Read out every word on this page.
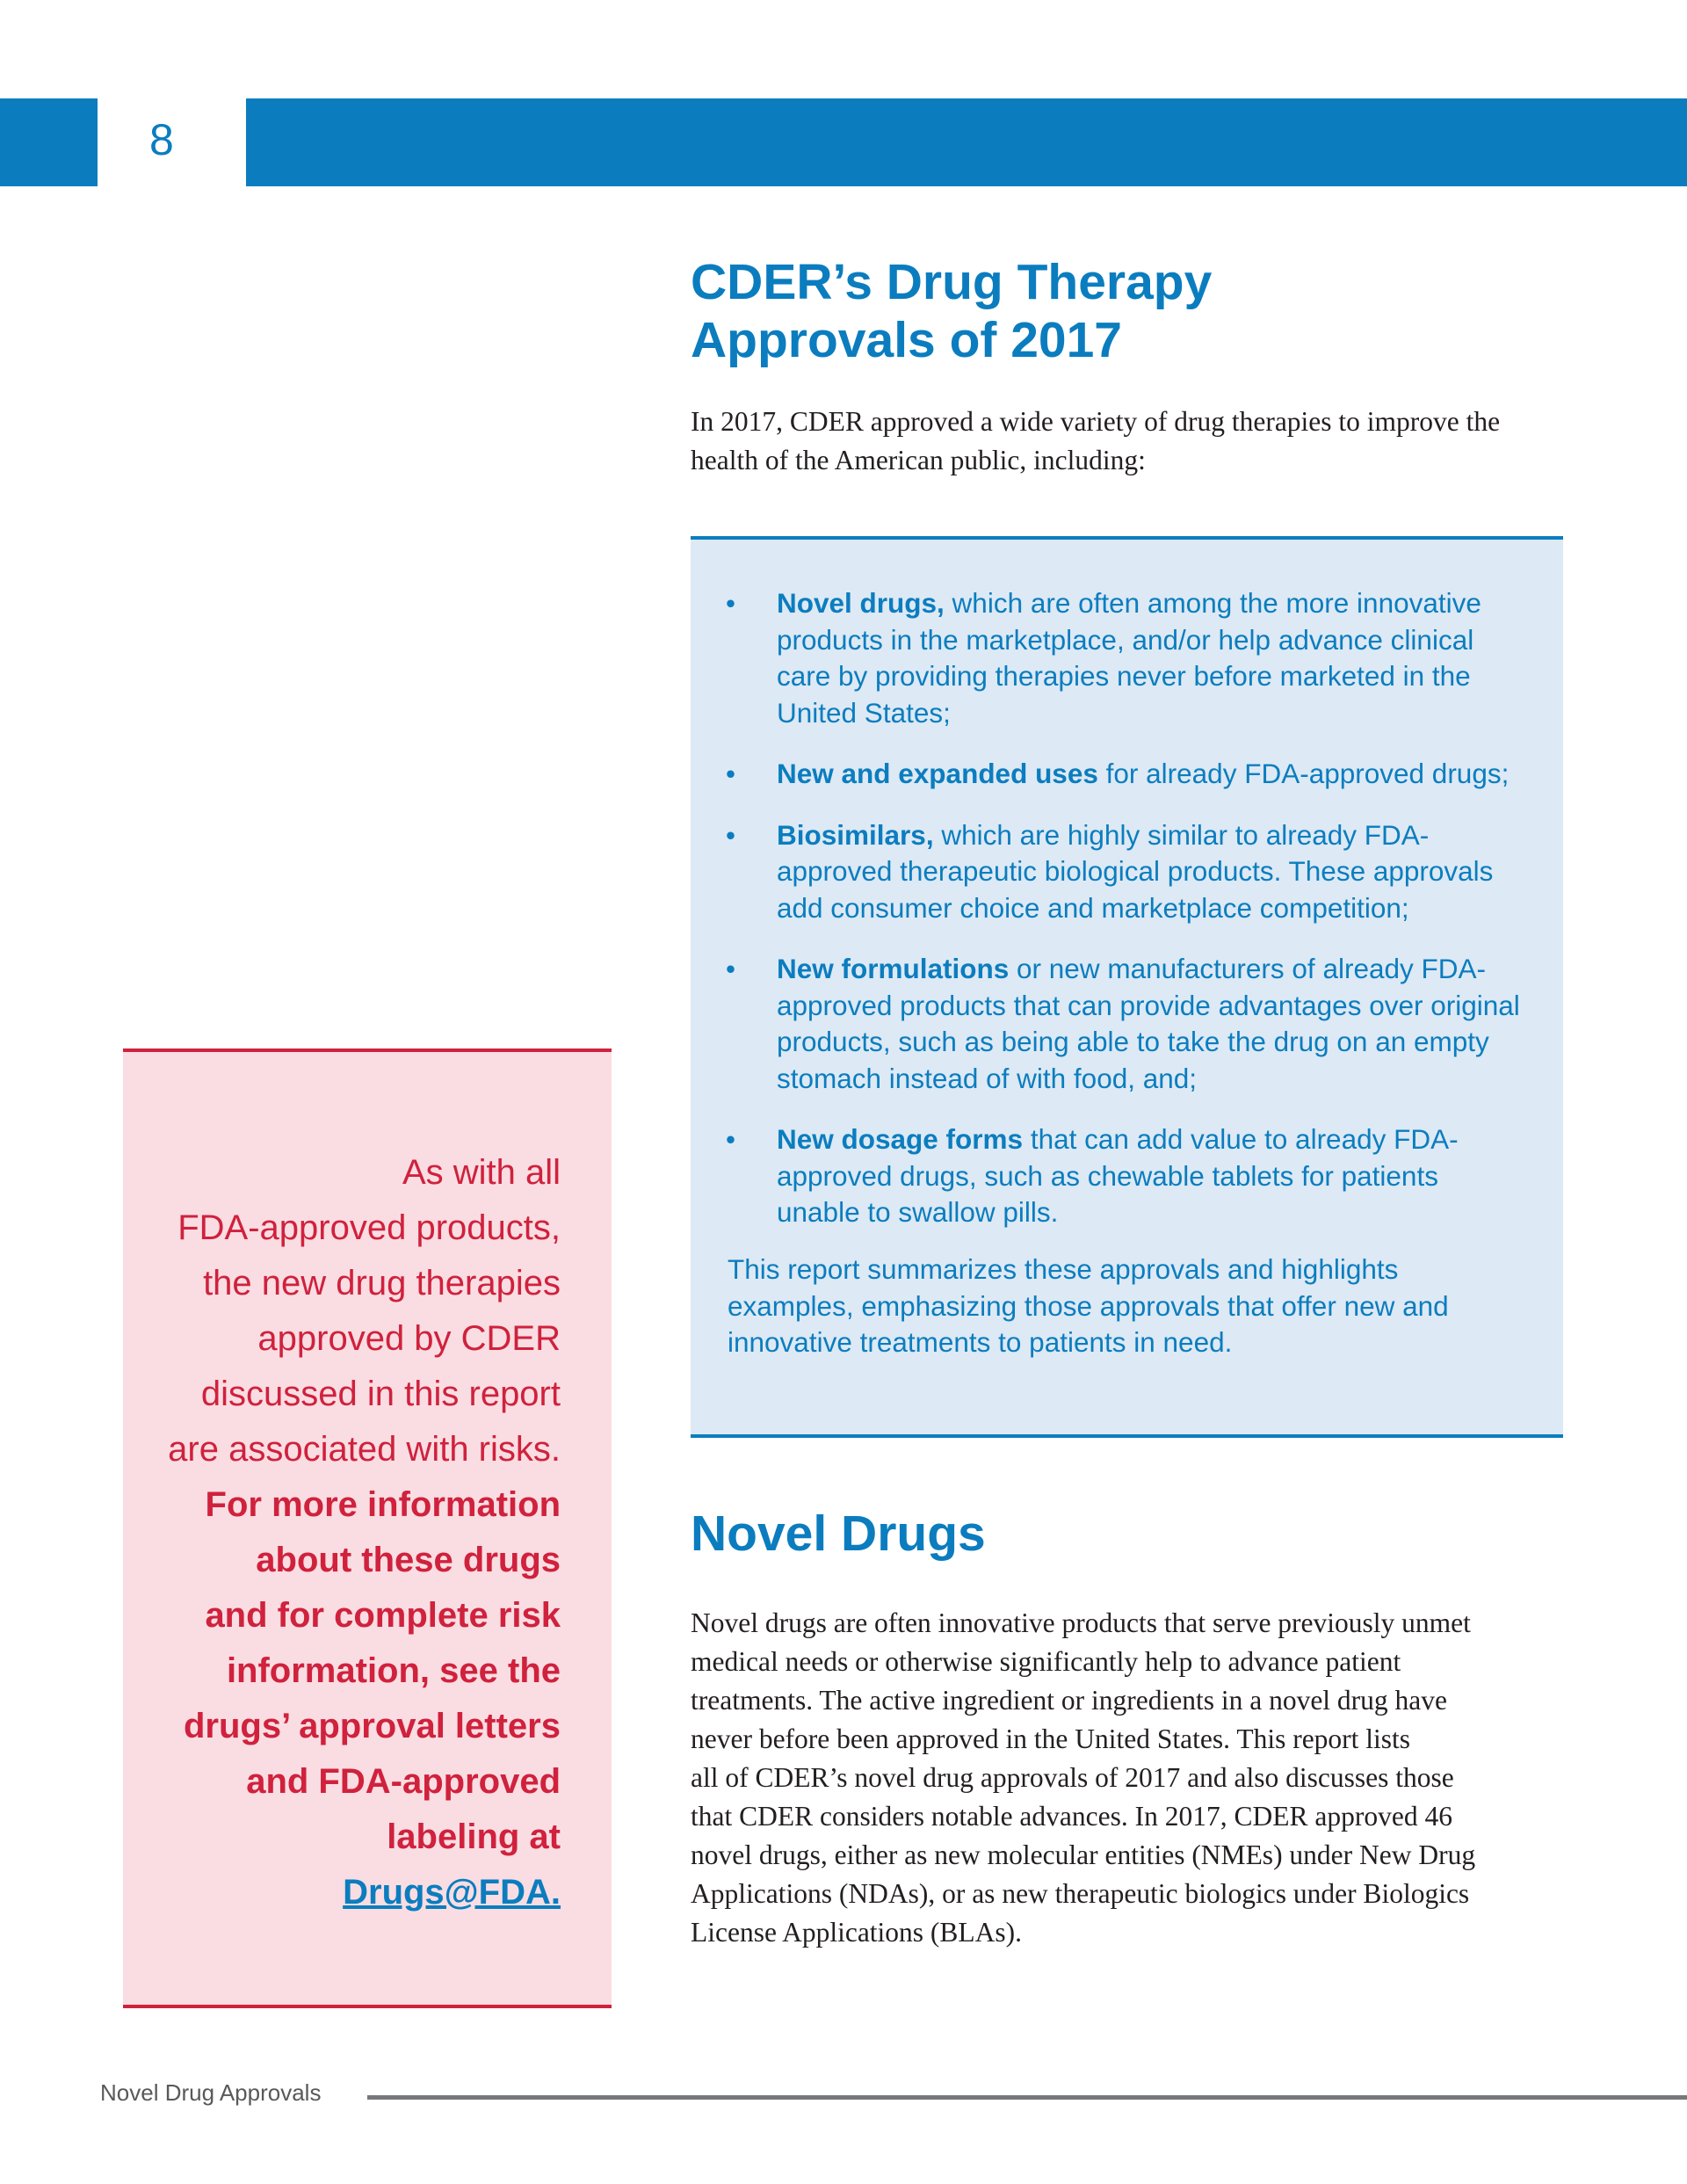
8
CDER’s Drug Therapy
Approvals of 2017

In 2017, CDER approved a wide variety of drug therapies to improve the health of the American public, including:

• Novel drugs, which are often among the more innovative products in the marketplace, and/or help advance clinical care by providing therapies never before marketed in the United States;
• New and expanded uses for already FDA-approved drugs;
• Biosimilars, which are highly similar to already FDA-approved therapeutic biological products. These approvals add consumer choice and marketplace competition;
• New formulations or new manufacturers of already FDA-approved products that can provide advantages over original products, such as being able to take the drug on an empty stomach instead of with food, and;
• New dosage forms that can add value to already FDA-approved drugs, such as chewable tablets for patients unable to swallow pills.

This report summarizes these approvals and highlights examples, emphasizing those approvals that offer new and innovative treatments to patients in need.

As with all
FDA-approved products,
the new drug therapies
approved by CDER
discussed in this report
are associated with risks.
For more information
about these drugs
and for complete risk
information, see the
drugs’ approval letters
and FDA-approved
labeling at
Drugs@FDA.
Novel Drugs
Novel drugs are often innovative products that serve previously unmet
medical needs or otherwise significantly help to advance patient
treatments. The active ingredient or ingredients in a novel drug have
never before been approved in the United States. This report lists
all of CDER’s novel drug approvals of 2017 and also discusses those
that CDER considers notable advances. In 2017, CDER approved 46
novel drugs, either as new molecular entities (NMEs) under New Drug
Applications (NDAs), or as new therapeutic biologics under Biologics
License Applications (BLAs).
Novel Drug Approvals
